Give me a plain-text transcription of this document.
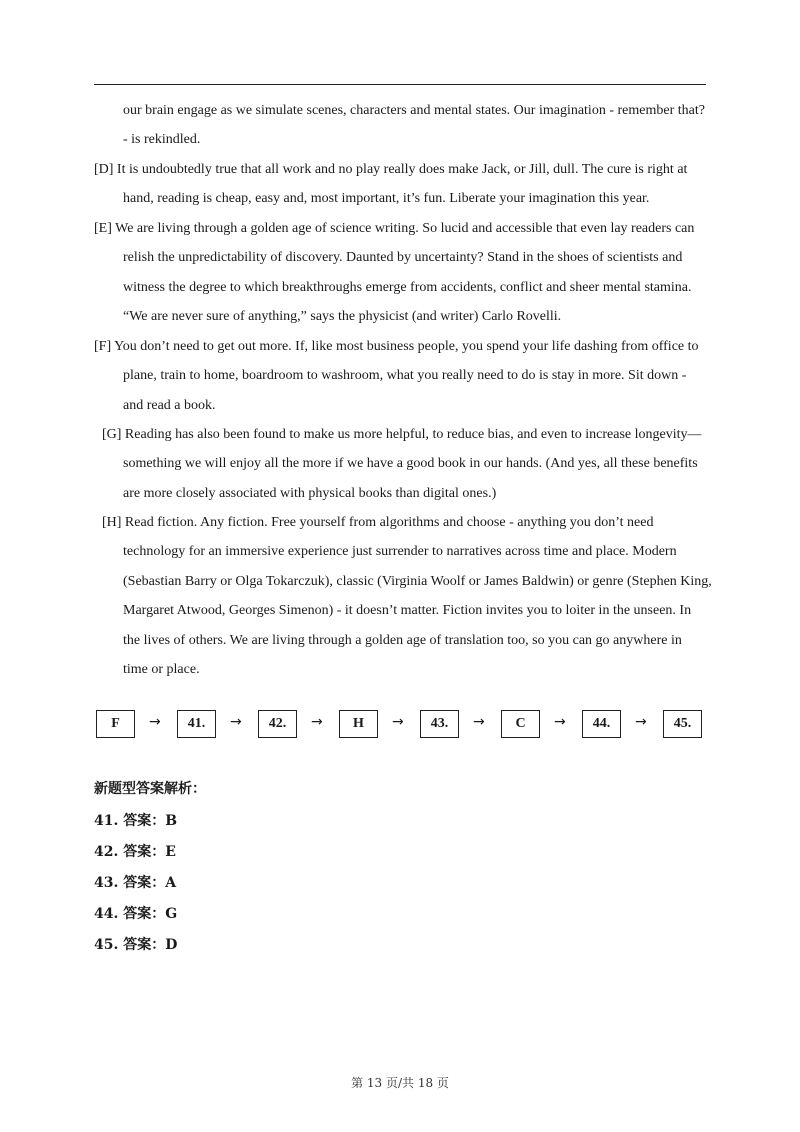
our brain engage as we simulate scenes, characters and mental states. Our imagination - remember that?
- is rekindled.
[D] It is undoubtedly true that all work and no play really does make Jack, or Jill, dull. The cure is right at
hand, reading is cheap, easy and, most important, it’s fun. Liberate your imagination this year.
[E] We are living through a golden age of science writing. So lucid and accessible that even lay readers can
relish the unpredictability of discovery. Daunted by uncertainty? Stand in the shoes of scientists and
witness the degree to which breakthroughs emerge from accidents, conflict and sheer mental stamina.
“We are never sure of anything,” says the physicist (and writer) Carlo Rovelli.
[F] You don’t need to get out more. If, like most business people, you spend your life dashing from office to
plane, train to home, boardroom to washroom, what you really need to do is stay in more. Sit down -
and read a book.
[G] Reading has also been found to make us more helpful, to reduce bias, and even to increase longevity—
something we will enjoy all the more if we have a good book in our hands. (And yes, all these benefits
are more closely associated with physical books than digital ones.)
[H] Read fiction. Any fiction. Free yourself from algorithms and choose - anything you don’t need
technology for an immersive experience just surrender to narratives across time and place. Modern
(Sebastian Barry or Olga Tokarczuk), classic (Virginia Woolf or James Baldwin) or genre (Stephen King,
Margaret Atwood, Georges Simenon) - it doesn’t matter. Fiction invites you to loiter in the unseen. In
the lives of others. We are living through a golden age of translation too, so you can go anywhere in
time or place.
F	→	41.	→	42.	→	H	→	43.	→	C	→	44.	→	45.
新题型答案解析：
41. 答案：B
42. 答案：E
43. 答案：A
44. 答案：G
45. 答案：D
第 13 页/共 18 页
